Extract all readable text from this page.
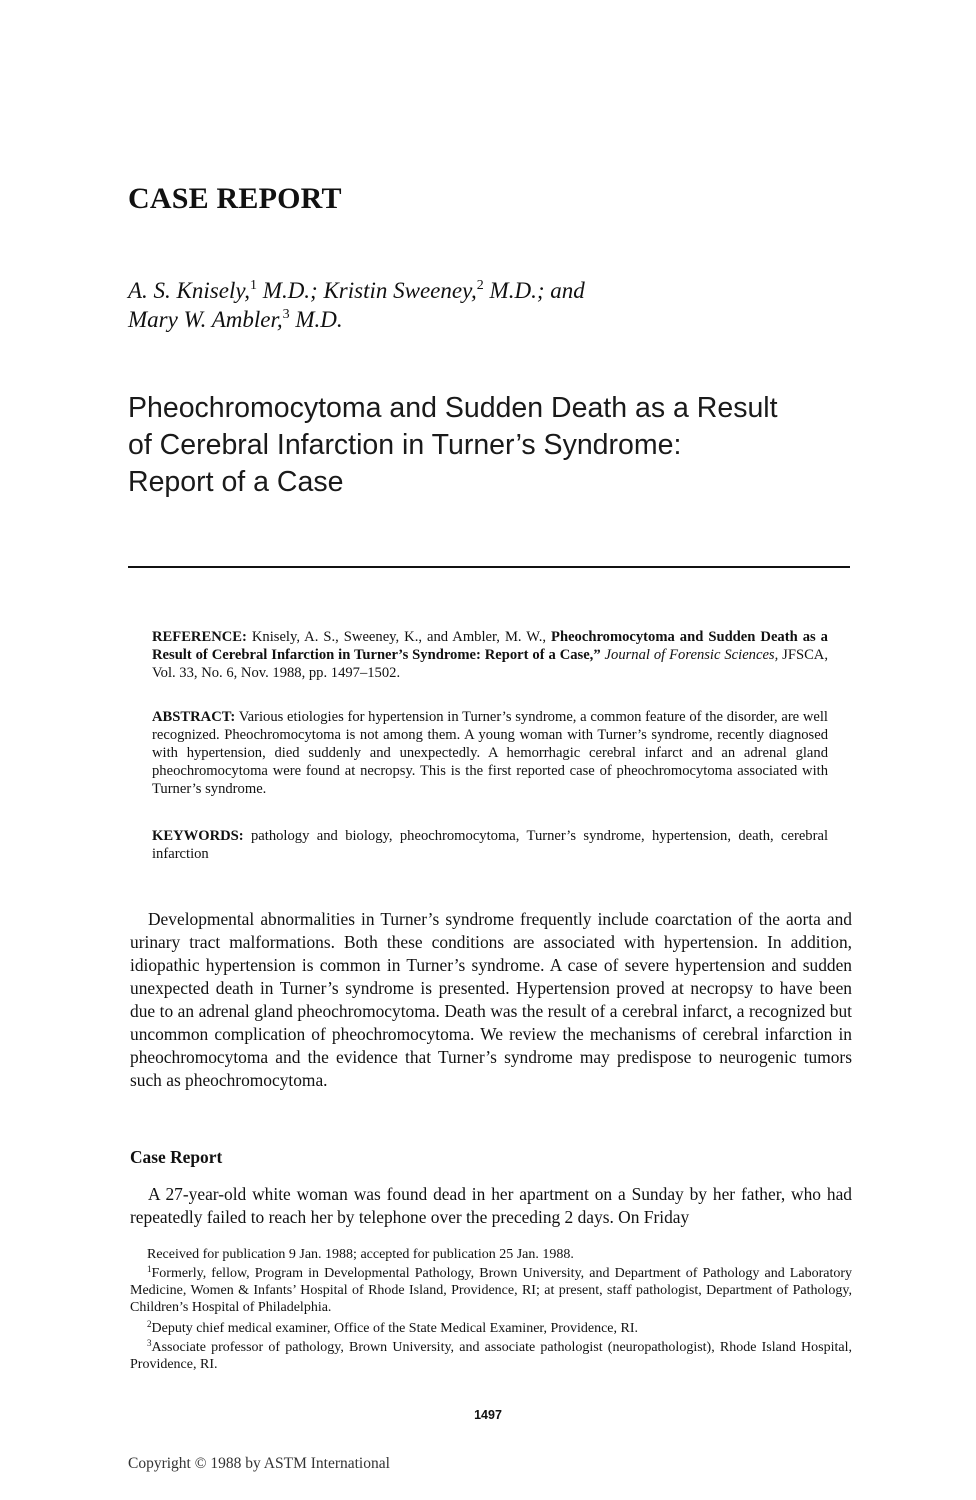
CASE REPORT
A. S. Knisely,$^1$ M.D.; Kristin Sweeney,$^2$ M.D.; and
Mary W. Ambler,$^3$ M.D.
Pheochromocytoma and Sudden Death as a Result
of Cerebral Infarction in Turner’s Syndrome:
Report of a Case
REFERENCE: Knisely, A. S., Sweeney, K., and Ambler, M. W., Pheochromocytoma and Sudden Death as a Result of Cerebral Infarction in Turner’s Syndrome: Report of a Case,” Journal of Forensic Sciences, JFSCA, Vol. 33, No. 6, Nov. 1988, pp. 1497–1502.
ABSTRACT: Various etiologies for hypertension in Turner’s syndrome, a common feature of the disorder, are well recognized. Pheochromocytoma is not among them. A young woman with Turner’s syndrome, recently diagnosed with hypertension, died suddenly and unexpectedly. A hemorrhagic cerebral infarct and an adrenal gland pheochromocytoma were found at necropsy. This is the first reported case of pheochromocytoma associated with Turner’s syndrome.
KEYWORDS: pathology and biology, pheochromocytoma, Turner’s syndrome, hypertension, death, cerebral infarction
Developmental abnormalities in Turner’s syndrome frequently include coarctation of the aorta and urinary tract malformations. Both these conditions are associated with hypertension. In addition, idiopathic hypertension is common in Turner’s syndrome. A case of severe hypertension and sudden unexpected death in Turner’s syndrome is presented. Hypertension proved at necropsy to have been due to an adrenal gland pheochromocytoma. Death was the result of a cerebral infarct, a recognized but uncommon complication of pheochromocytoma. We review the mechanisms of cerebral infarction in pheochromocytoma and the evidence that Turner’s syndrome may predispose to neurogenic tumors such as pheochromocytoma.
Case Report
A 27-year-old white woman was found dead in her apartment on a Sunday by her father, who had repeatedly failed to reach her by telephone over the preceding 2 days. On Friday
Received for publication 9 Jan. 1988; accepted for publication 25 Jan. 1988.
$^1$Formerly, fellow, Program in Developmental Pathology, Brown University, and Department of Pathology and Laboratory Medicine, Women & Infants’ Hospital of Rhode Island, Providence, RI; at present, staff pathologist, Department of Pathology, Children’s Hospital of Philadelphia.
$^2$Deputy chief medical examiner, Office of the State Medical Examiner, Providence, RI.
$^3$Associate professor of pathology, Brown University, and associate pathologist (neuropathologist), Rhode Island Hospital, Providence, RI.
1497
Copyright © 1988 by ASTM International
